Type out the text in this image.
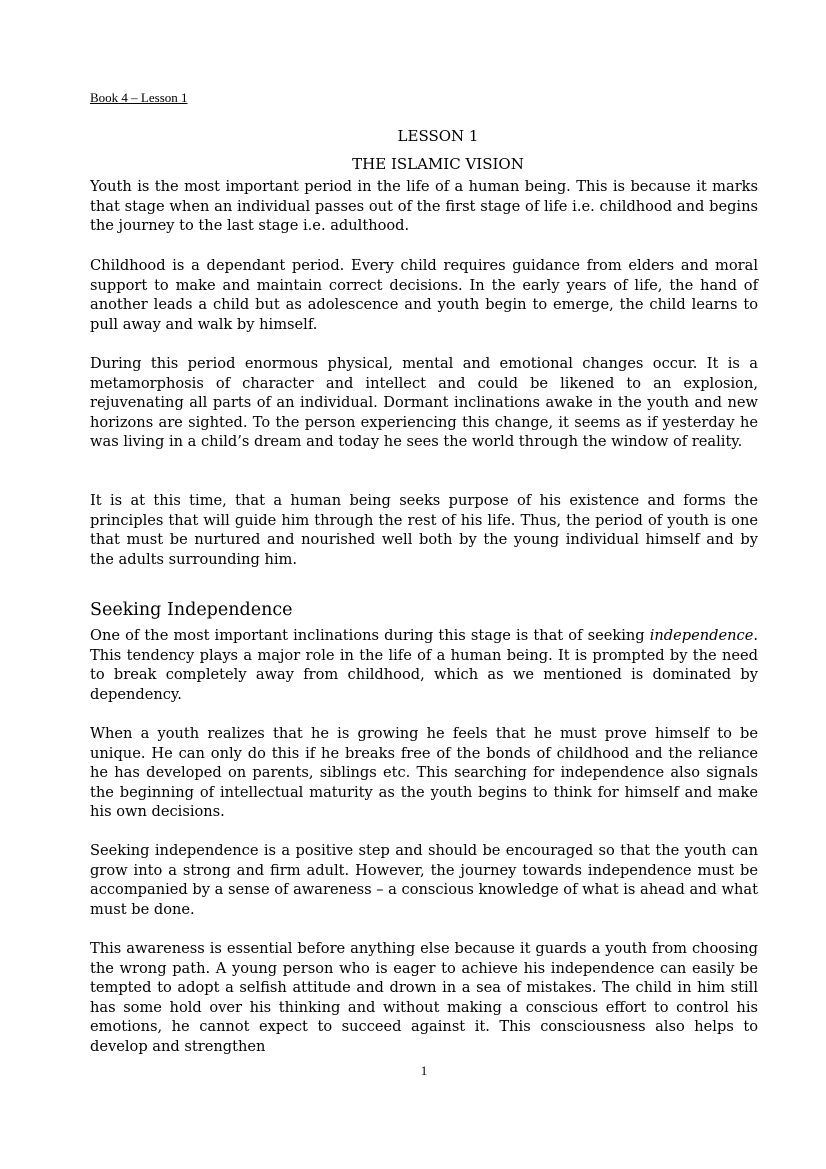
Book 4 – Lesson 1
LESSON 1
THE ISLAMIC VISION

Youth is the most important period in the life of a human being. This is because it marks that stage when an individual passes out of the first stage of life i.e. childhood and begins the journey to the last stage i.e. adulthood.

Childhood is a dependant period. Every child requires guidance from elders and moral support to make and maintain correct decisions. In the early years of life, the hand of another leads a child but as adolescence and youth begin to emerge, the child learns to pull away and walk by himself.

During this period enormous physical, mental and emotional changes occur. It is a metamorphosis of character and intellect and could be likened to an explosion, rejuvenating all parts of an individual. Dormant inclinations awake in the youth and new horizons are sighted. To the person experiencing this change, it seems as if yesterday he was living in a child’s dream and today he sees the world through the window of reality.

It is at this time, that a human being seeks purpose of his existence and forms the principles that will guide him through the rest of his life. Thus, the period of youth is one that must be nurtured and nourished well both by the young individual himself and by the adults surrounding him.

Seeking Independence

One of the most important inclinations during this stage is that of seeking independence. This tendency plays a major role in the life of a human being. It is prompted by the need to break completely away from childhood, which as we mentioned is dominated by dependency.

When a youth realizes that he is growing he feels that he must prove himself to be unique. He can only do this if he breaks free of the bonds of childhood and the reliance he has developed on parents, siblings etc. This searching for independence also signals the beginning of intellectual maturity as the youth begins to think for himself and make his own decisions.

Seeking independence is a positive step and should be encouraged so that the youth can grow into a strong and firm adult. However, the journey towards independence must be accompanied by a sense of awareness – a conscious knowledge of what is ahead and what must be done.

This awareness is essential before anything else because it guards a youth from choosing the wrong path. A young person who is eager to achieve his independence can easily be tempted to adopt a selfish attitude and drown in a sea of mistakes. The child in him still has some hold over his thinking and without making a conscious effort to control his emotions, he cannot expect to succeed against it. This consciousness also helps to develop and strengthen

1
